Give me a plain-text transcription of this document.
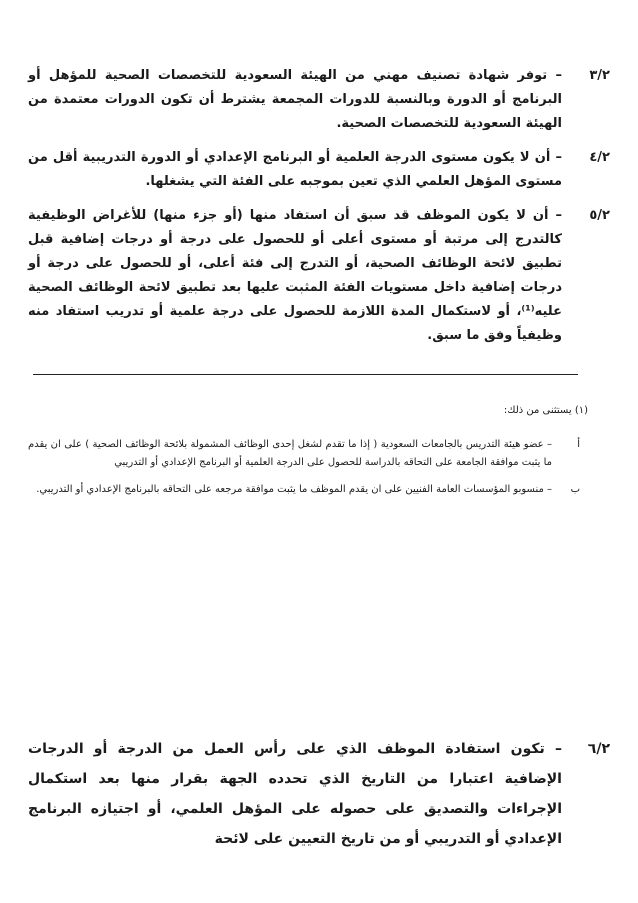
٣/٢
– توفر شهادة تصنيف مهني من الهيئة السعودية للتخصصات الصحية للمؤهل أو البرنامج أو الدورة وبالنسبة للدورات المجمعة يشترط أن تكون الدورات معتمدة من الهيئة السعودية للتخصصات الصحية.
٤/٢
– أن لا يكون مستوى الدرجة العلمية أو البرنامج الإعدادي أو الدورة التدريبية أقل من مستوى المؤهل العلمي الذي تعين بموجبه على الفئة التي يشغلها.
٥/٢
– أن لا يكون الموظف قد سبق أن استفاد منها (أو جزء منها) للأغراض الوظيفية كالتدرج إلى مرتبة أو مستوى أعلى أو للحصول على درجة أو درجات إضافية قبل تطبيق لائحة الوظائف الصحية، أو التدرج إلى فئة أعلى، أو للحصول على درجة أو درجات إضافية داخل مستويات الفئة المثبت عليها بعد تطبيق لائحة الوظائف الصحية عليه⁽¹⁾، أو لاستكمال المدة اللازمة للحصول على درجة علمية أو تدريب استفاد منه وظيفياً وفق ما سبق.
(١) يستثنى من ذلك:
أ
– عضو هيئة التدريس بالجامعات السعودية ( إذا ما تقدم لشغل إحدى الوظائف المشمولة بلائحة الوظائف الصحية ) على ان يقدم ما يثبت موافقة الجامعة على التحاقه بالدراسة للحصول على الدرجة العلمية أو البرنامج الإعدادي أو التدريبي
ب
– منسوبو المؤسسات العامة الفنيين على ان يقدم الموظف ما يثبت موافقة مرجعه على التحاقه بالبرنامج الإعدادي أو التدريبي.
٦/٢
– تكون استفادة الموظف الذي على رأس العمل من الدرجة أو الدرجات الإضافية اعتبارا من التاريخ الذي تحدده الجهة بقرار منها بعد استكمال الإجراءات والتصديق على حصوله على المؤهل العلمي، أو اجتيازه البرنامج الإعدادي أو التدريبي أو من تاريخ التعيين على لائحة
